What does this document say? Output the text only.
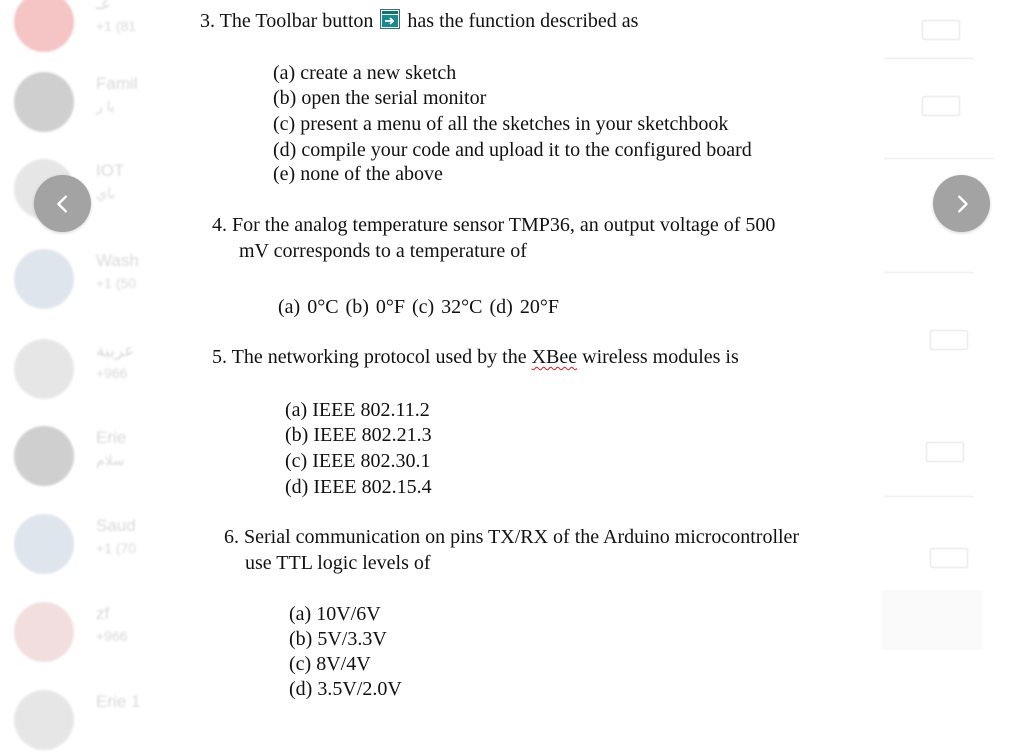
عـ
+1 (81
Famil
يا ر
IOT
باي
Wash
+1 (50
عربية
+966
Erie
سلام
Saud
+1 (70
zf
+966
Erie 1
3. The Toolbar button has the function described as
(a) create a new sketch
(b) open the serial monitor
(c) present a menu of all the sketches in your sketchbook
(d) compile your code and upload it to the configured board
(e) none of the above
4. For the analog temperature sensor TMP36, an output voltage of 500
mV corresponds to a temperature of
(a) 0°C (b) 0°F (c) 32°C (d) 20°F
5. The networking protocol used by the XBee wireless modules is
(a) IEEE 802.11.2
(b) IEEE 802.21.3
(c) IEEE 802.30.1
(d) IEEE 802.15.4
6. Serial communication on pins TX/RX of the Arduino microcontroller
use TTL logic levels of
(a) 10V/6V
(b) 5V/3.3V
(c) 8V/4V
(d) 3.5V/2.0V
